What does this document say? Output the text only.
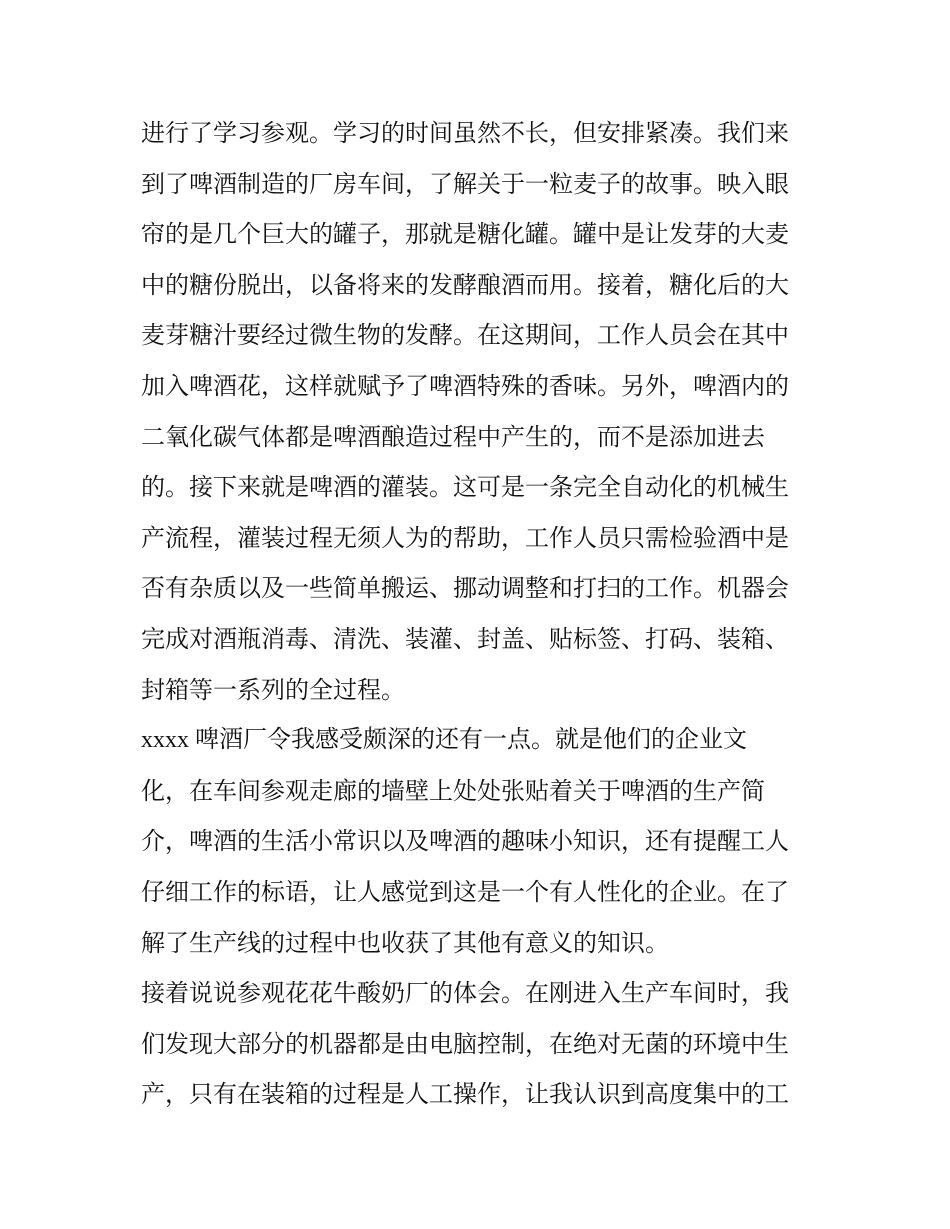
进行了学习参观。学习的时间虽然不长，但安排紧凑。我们来
到了啤酒制造的厂房车间，了解关于一粒麦子的故事。映入眼
帘的是几个巨大的罐子，那就是糖化罐。罐中是让发芽的大麦
中的糖份脱出，以备将来的发酵酿酒而用。接着，糖化后的大
麦芽糖汁要经过微生物的发酵。在这期间，工作人员会在其中
加入啤酒花，这样就赋予了啤酒特殊的香味。另外，啤酒内的
二氧化碳气体都是啤酒酿造过程中产生的，而不是添加进去
的。接下来就是啤酒的灌装。这可是一条完全自动化的机械生
产流程，灌装过程无须人为的帮助，工作人员只需检验酒中是
否有杂质以及一些简单搬运、挪动调整和打扫的工作。机器会
完成对酒瓶消毒、清洗、装灌、封盖、贴标签、打码、装箱、
封箱等一系列的全过程。
xxxx 啤酒厂令我感受颇深的还有一点。就是他们的企业文
化，在车间参观走廊的墙壁上处处张贴着关于啤酒的生产简
介，啤酒的生活小常识以及啤酒的趣味小知识，还有提醒工人
仔细工作的标语，让人感觉到这是一个有人性化的企业。在了
解了生产线的过程中也收获了其他有意义的知识。
接着说说参观花花牛酸奶厂的体会。在刚进入生产车间时，我
们发现大部分的机器都是由电脑控制，在绝对无菌的环境中生
产，只有在装箱的过程是人工操作，让我认识到高度集中的工
